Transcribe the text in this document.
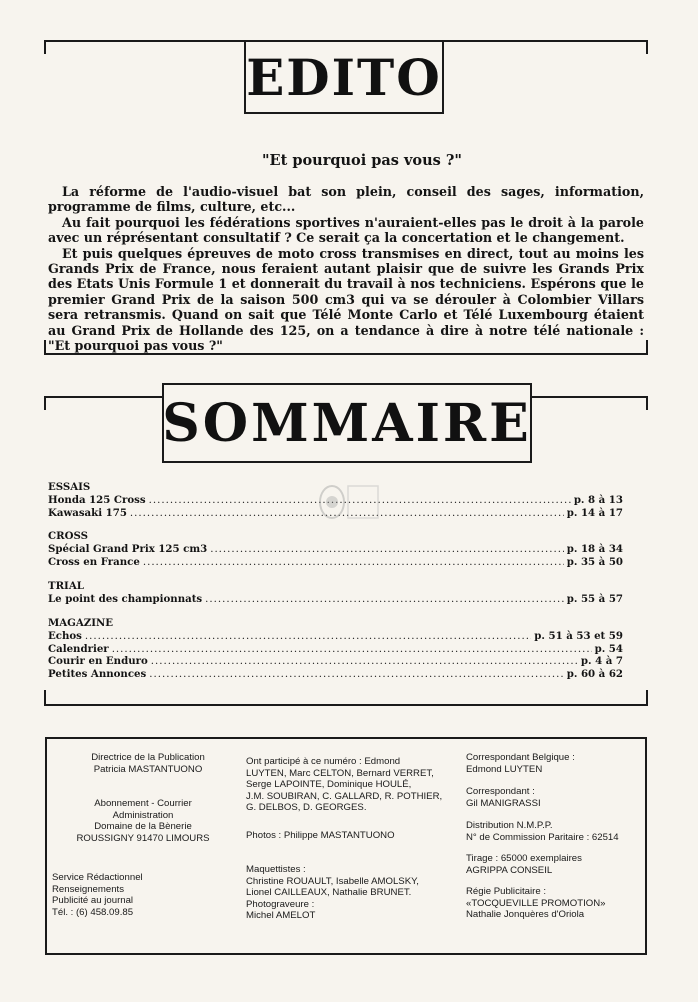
EDITO
"Et pourquoi pas vous ?"

La réforme de l'audio-visuel bat son plein, conseil des sages, information, programme de films, culture, etc...

Au fait pourquoi les fédérations sportives n'auraient-elles pas le droit à la parole avec un réprésentant consultatif ? Ce serait ça la concertation et le changement.

Et puis quelques épreuves de moto cross transmises en direct, tout au moins les Grands Prix de France, nous feraient autant plaisir que de suivre les Grands Prix des Etats Unis Formule 1 et donnerait du travail à nos techniciens. Espérons que le premier Grand Prix de la saison 500 cm3 qui va se dérouler à Colombier Villars sera retransmis. Quand on sait que Télé Monte Carlo et Télé Luxembourg étaient au Grand Prix de Hollande des 125, on a tendance à dire à notre télé nationale : "Et pourquoi pas vous ?"

SOMMAIRE
ESSAIS
Honda 125 Cross .....	p. 8 à 13
Kawasaki 175 .....	p. 14 à 17
CROSS
Spécial Grand Prix 125 cm3 .....	p. 18 à 34
Cross en France .....	p. 35 à 50
TRIAL
Le point des championnats .....	p. 55 à 57
MAGAZINE
Echos .....	p. 51 à 53 et 59
Calendrier .....	p. 54
Courir en Enduro .....	p. 4 à 7
Petites Annonces .....	p. 60 à 62
Directrice de la Publication
Patricia MASTANTUONO
Abonnement - Courrier
Administration
Domaine de la Bènerie
ROUSSIGNY 91470 LIMOURS
Service Rédactionnel
Renseignements
Publicité au journal
Tél. : (6) 458.09.85
Ont participé à ce numéro : Edmond
LUYTEN, Marc CELTON, Bernard VERRET,
Serge LAPOINTE, Dominique HOULÉ,
J.M. SOUBIRAN, C. GALLARD, R. POTHIER,
G. DELBOS, D. GEORGES.
Photos : Philippe MASTANTUONO
Maquettistes :
Christine ROUAULT, Isabelle AMOLSKY,
Lionel CAILLEAUX, Nathalie BRUNET.
Photograveure :
Michel AMELOT
Correspondant Belgique :
Edmond LUYTEN
Correspondant :
Gil MANIGRASSI
Distribution N.M.P.P.
N° de Commission Paritaire : 62514
Tirage : 65000 exemplaires
AGRIPPA CONSEIL
Régie Publicitaire :
«TOCQUEVILLE PROMOTION»
Nathalie Jonquères d'Oriola
